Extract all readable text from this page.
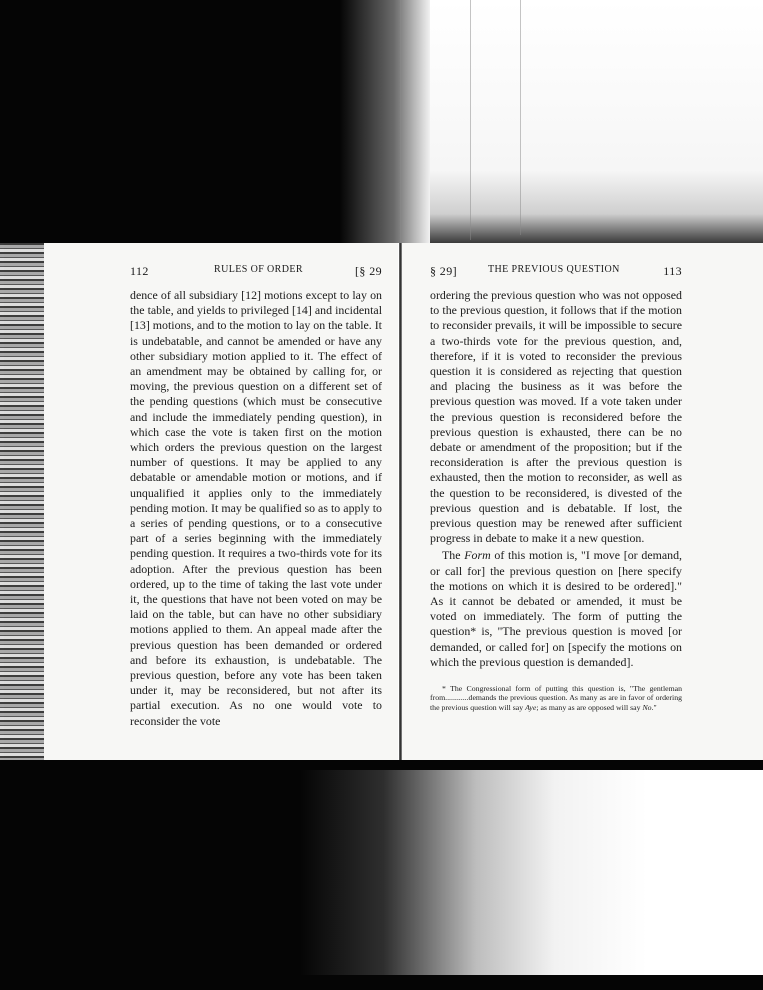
112	RULES OF ORDER	[§ 29

dence of all subsidiary [12] motions except to lay on the table, and yields to privileged [14] and incidental [13] motions, and to the motion to lay on the table. It is undebatable, and cannot be amended or have any other subsidiary motion applied to it. The effect of an amendment may be obtained by calling for, or moving, the previous question on a different set of the pending questions (which must be consecutive and include the immediately pending question), in which case the vote is taken first on the motion which orders the previous question on the largest number of questions. It may be applied to any debatable or amendable motion or motions, and if unqualified it applies only to the immediately pending motion. It may be qualified so as to apply to a series of pending questions, or to a consecutive part of a series beginning with the immediately pending question. It requires a two-thirds vote for its adoption. After the previous question has been ordered, up to the time of taking the last vote under it, the questions that have not been voted on may be laid on the table, but can have no other subsidiary motions applied to them. An appeal made after the previous question has been demanded or ordered and before its exhaustion, is undebatable. The previous question, before any vote has been taken under it, may be reconsidered, but not after its partial execution. As no one would vote to reconsider the vote

§ 29]	THE PREVIOUS QUESTION	113

ordering the previous question who was not opposed to the previous question, it follows that if the motion to reconsider prevails, it will be impossible to secure a two-thirds vote for the previous question, and, therefore, if it is voted to reconsider the previous question it is considered as rejecting that question and placing the business as it was before the previous question was moved. If a vote taken under the previous question is reconsidered before the previous question is exhausted, there can be no debate or amendment of the proposition; but if the reconsideration is after the previous question is exhausted, then the motion to reconsider, as well as the question to be reconsidered, is divested of the previous question and is debatable. If lost, the previous question may be renewed after sufficient progress in debate to make it a new question.

The Form of this motion is, "I move [or demand, or call for] the previous question on [here specify the motions on which it is desired to be ordered]." As it cannot be debated or amended, it must be voted on immediately. The form of putting the question* is, "The previous question is moved [or demanded, or called for] on [specify the motions on which the previous question is demanded].

* The Congressional form of putting this question is, "The gentleman from............demands the previous question. As many as are in favor of ordering the previous question will say Aye; as many as are opposed will say No."
